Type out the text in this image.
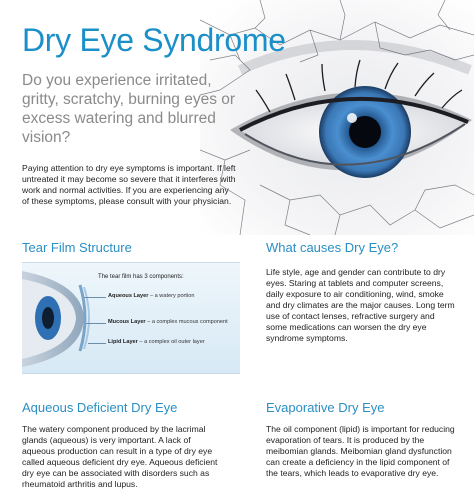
Dry Eye Syndrome

Do you experience irritated, gritty, scratchy, burning eyes or excess watering and blurred vision?

Paying attention to dry eye symptoms is important. If left untreated it may become so severe that it interferes with work and normal activities. If you are experiencing any of these symptoms, please consult with your physician.

Tear Film Structure
The tear film has 3 components:
Aqueous Layer – a watery portion
Mucous Layer – a complex mucous component
Lipid Layer – a complex oil outer layer
What causes Dry Eye?

Life style, age and gender can contribute to dry eyes. Staring at tablets and computer screens, daily exposure to air conditioning, wind, smoke and dry climates are the major causes. Long term use of contact lenses, refractive surgery and some medications can worsen the dry eye syndrome symptoms.

Aqueous Deficient Dry Eye

The watery component produced by the lacrimal glands (aqueous) is very important. A lack of aqueous production can result in a type of dry eye called aqueous deficient dry eye. Aqueous deficient dry eye can be associated with disorders such as rheumatoid arthritis and lupus.

Evaporative Dry Eye

The oil component (lipid) is important for reducing evaporation of tears. It is produced by the meibomian glands. Meibomian gland dysfunction can create a deficiency in the lipid component of the tears, which leads to evaporative dry eye.
